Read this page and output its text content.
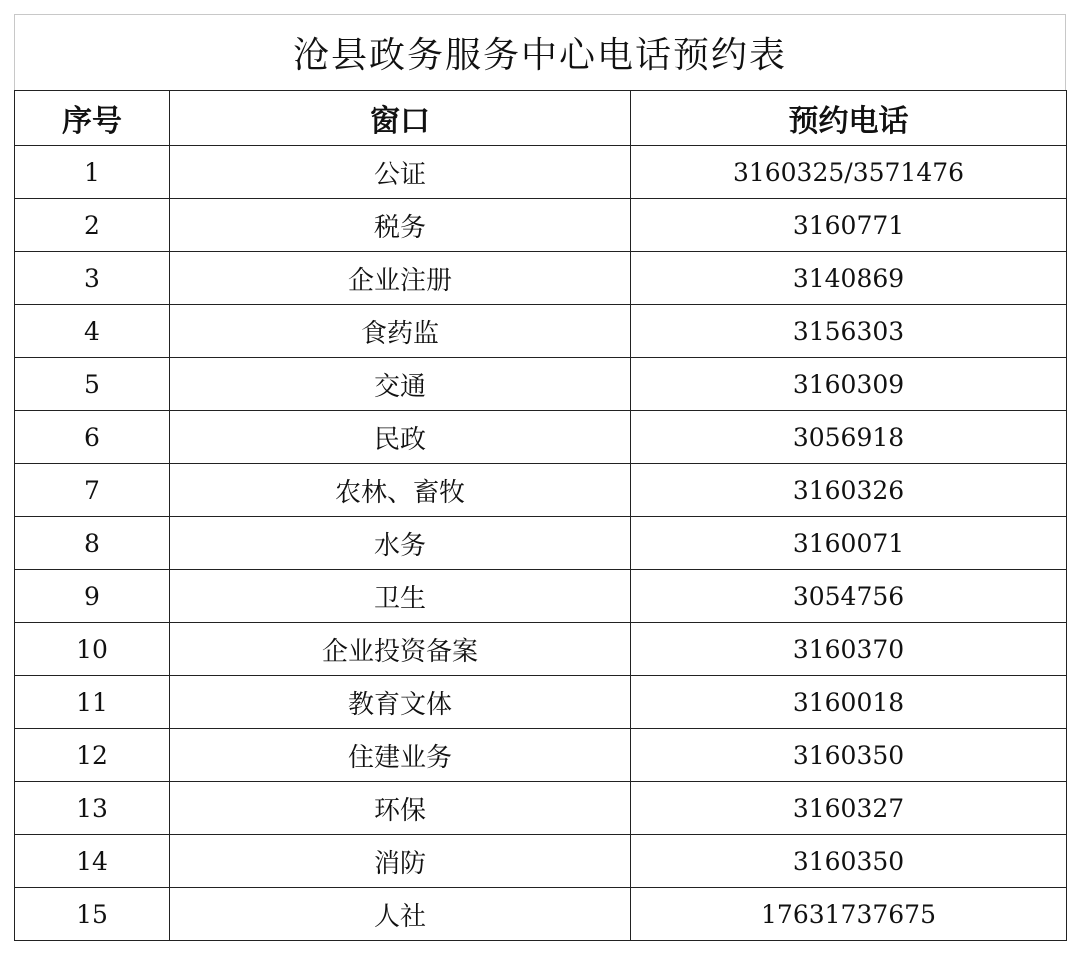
沧县政务服务中心电话预约表
序号	窗口	预约电话
1	公证	3160325/3571476
2	税务	3160771
3	企业注册	3140869
4	食药监	3156303
5	交通	3160309
6	民政	3056918
7	农林、畜牧	3160326
8	水务	3160071
9	卫生	3054756
10	企业投资备案	3160370
11	教育文体	3160018
12	住建业务	3160350
13	环保	3160327
14	消防	3160350
15	人社	17631737675
